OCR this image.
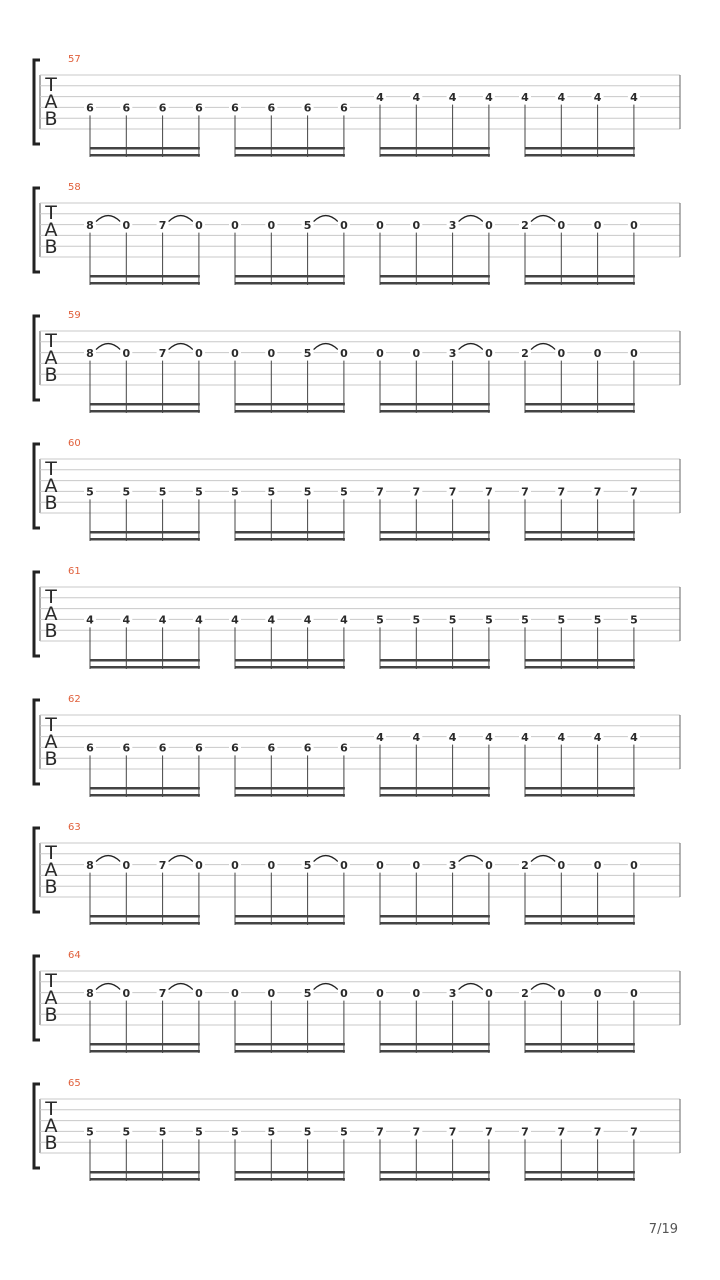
57
T
A
B	6	6	6	6	6	6	6	6
4	4	4	4	4	4	4	4
58
T
A
B
8	0	7	0	0	0	5	0	0	0	3	0	2	0	0	0
59
T
A
B
8	0	7	0	0	0	5	0	0	0	3	0	2	0	0	0
60
T
A
B	5	5	5	5	5	5	5	5	7	7	7	7	7	7	7	7
61
T
A
B	4	4	4	4	4	4	4	4	5	5	5	5	5	5	5	5
62
T
A
B	6	6	6	6	6	6	6	6
4	4	4	4	4	4	4	4
63
T
A
B
8	0	7	0	0	0	5	0	0	0	3	0	2	0	0	0
64
T
A
B
8	0	7	0	0	0	5	0	0	0	3	0	2	0	0	0
65
T
A
B	5	5	5	5	5	5	5	5	7	7	7	7	7	7	7	7
7/19
